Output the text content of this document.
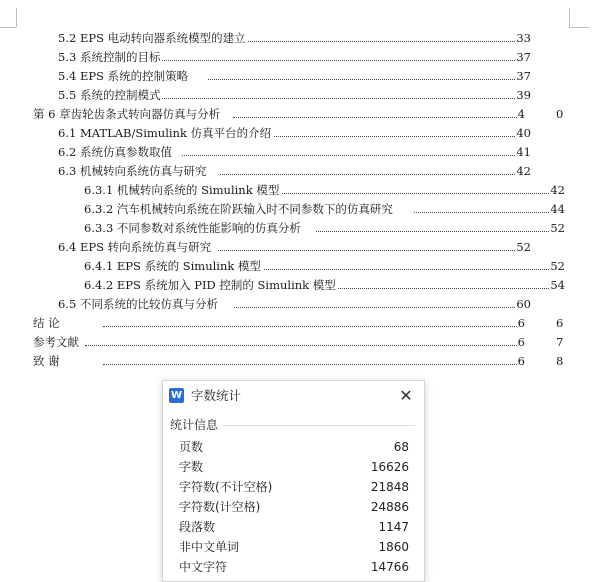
5.2 EPS 电动转向器系统模型的建立	33
5.3 系统控制的目标	37
5.4 EPS 系统的控制策略	37
5.5 系统的控制模式	39
第 6 章齿轮齿条式转向器仿真与分析	4	0
6.1 MATLAB/Simulink 仿真平台的介绍	40
6.2 系统仿真参数取值	41
6.3 机械转向系统仿真与研究	42
6.3.1 机械转向系统的 Simulink 模型	42
6.3.2 汽车机械转向系统在阶跃输入时不同参数下的仿真研究	44
6.3.3 不同参数对系统性能影响的仿真分析	52
6.4 EPS 转向系统仿真与研究	52
6.4.1 EPS 系统的 Simulink 模型	52
6.4.2 EPS 系统加入 PID 控制的 Simulink 模型	54
6.5 不同系统的比较仿真与分析	60
结 论	6	6
参考文献	6	7
致 谢	6	8
W 字数统计	✕
统计信息
页数	68
字数	16626
字符数(不计空格)	21848
字符数(计空格)	24886
段落数	1147
非中文单词	1860
中文字符	14766
